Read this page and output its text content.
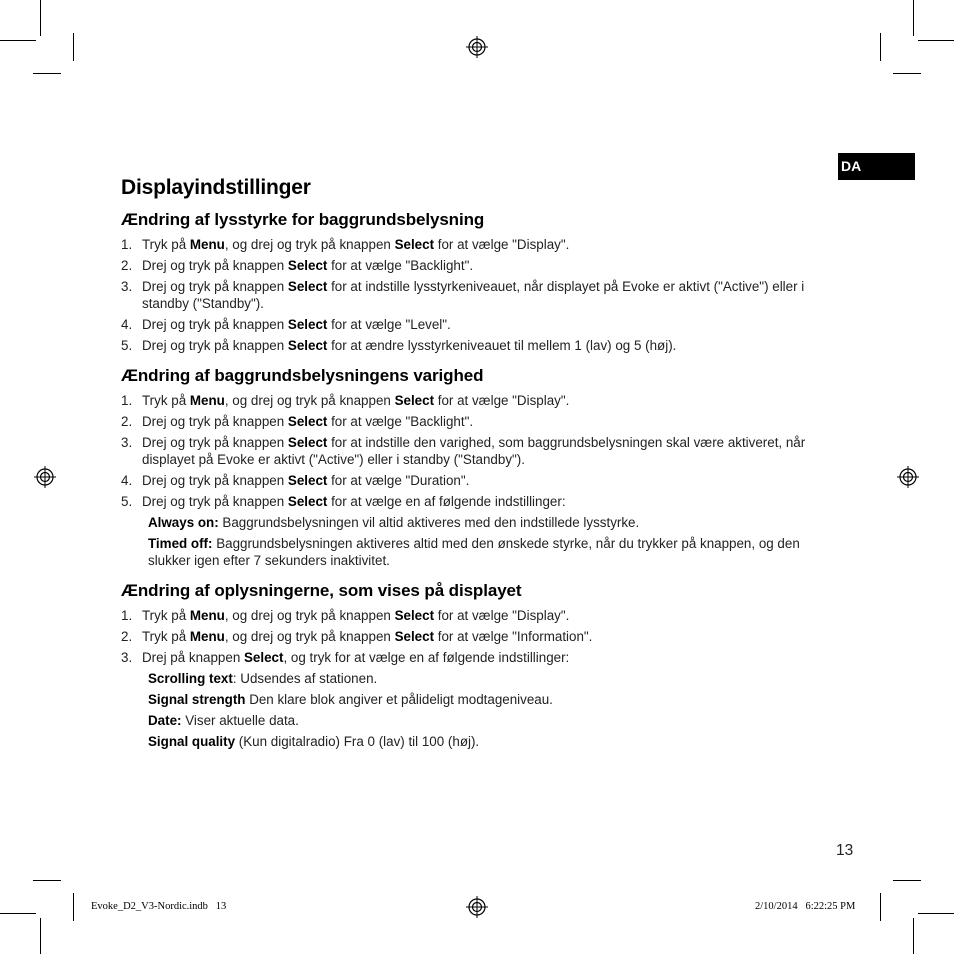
DA
Displayindstillinger
Ændring af lysstyrke for baggrundsbelysning
1. Tryk på Menu, og drej og tryk på knappen Select for at vælge "Display".
2. Drej og tryk på knappen Select for at vælge "Backlight".
3. Drej og tryk på knappen Select for at indstille lysstyrkeniveauet, når displayet på Evoke er aktivt ("Active") eller i standby ("Standby").
4. Drej og tryk på knappen Select for at vælge "Level".
5. Drej og tryk på knappen Select for at ændre lysstyrkeniveauet til mellem 1 (lav) og 5 (høj).
Ændring af baggrundsbelysningens varighed
1. Tryk på Menu, og drej og tryk på knappen Select for at vælge "Display".
2. Drej og tryk på knappen Select for at vælge "Backlight".
3. Drej og tryk på knappen Select for at indstille den varighed, som baggrundsbelysningen skal være aktiveret, når displayet på Evoke er aktivt ("Active") eller i standby ("Standby").
4. Drej og tryk på knappen Select for at vælge "Duration".
5. Drej og tryk på knappen Select for at vælge en af følgende indstillinger:
Always on: Baggrundsbelysningen vil altid aktiveres med den indstillede lysstyrke.
Timed off: Baggrundsbelysningen aktiveres altid med den ønskede styrke, når du trykker på knappen, og den slukker igen efter 7 sekunders inaktivitet.
Ændring af oplysningerne, som vises på displayet
1. Tryk på Menu, og drej og tryk på knappen Select for at vælge "Display".
2. Tryk på Menu, og drej og tryk på knappen Select for at vælge "Information".
3. Drej på knappen Select, og tryk for at vælge en af følgende indstillinger:
Scrolling text: Udsendes af stationen.
Signal strength Den klare blok angiver et pålideligt modtageniveau.
Date: Viser aktuelle data.
Signal quality (Kun digitalradio) Fra 0 (lav) til 100 (høj).
13
Evoke_D2_V3-Nordic.indb   13	2/10/2014   6:22:25 PM
